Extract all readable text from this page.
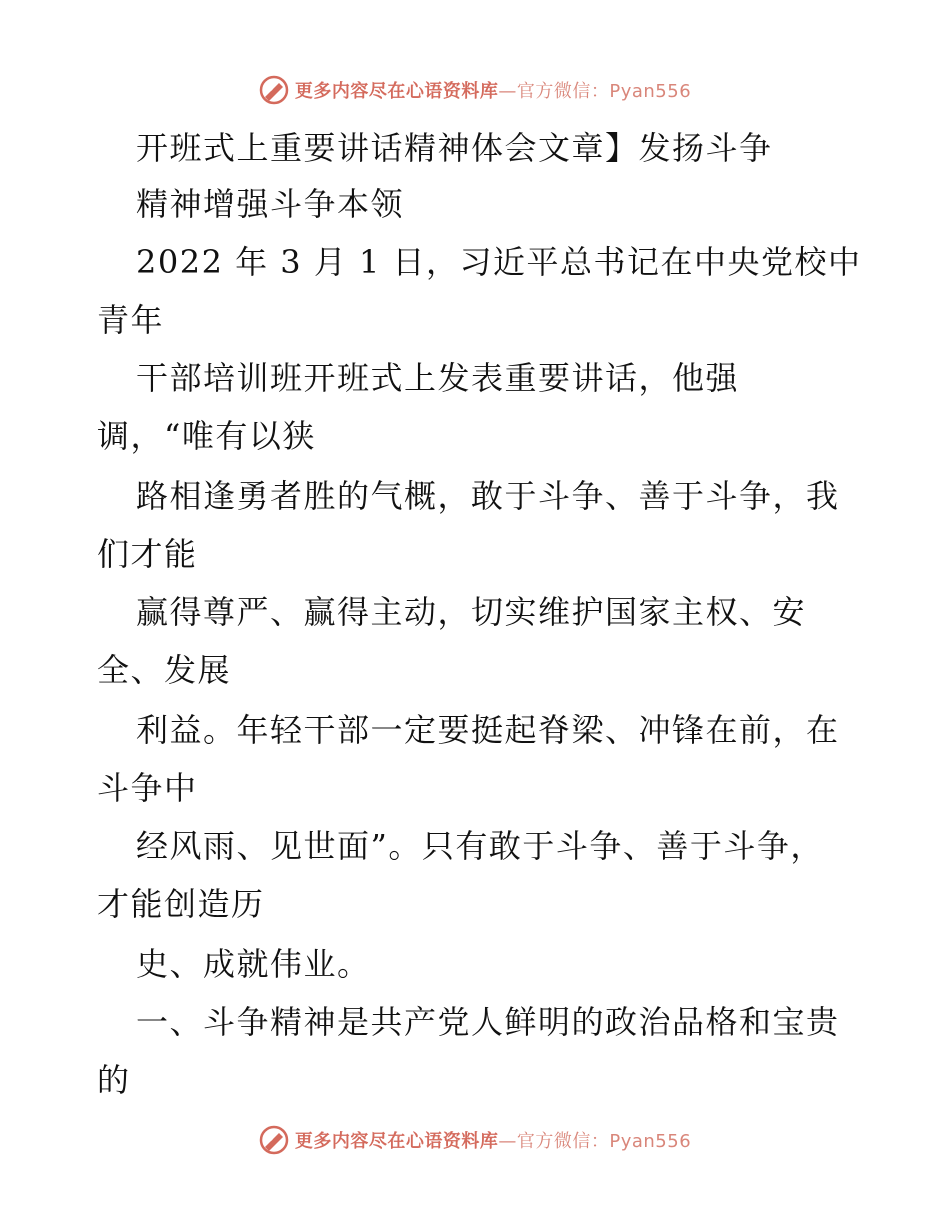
更多内容尽在心语资料库—官方微信：Pyan556
开班式上重要讲话精神体会文章】发扬斗争
精神增强斗争本领
2022 年 3 月 1 日，习近平总书记在中央党校中
青年
干部培训班开班式上发表重要讲话，他强
调，“唯有以狭
路相逢勇者胜的气概，敢于斗争、善于斗争，我
们才能
赢得尊严、赢得主动，切实维护国家主权、安
全、发展
利益。年轻干部一定要挺起脊梁、冲锋在前，在
斗争中
经风雨、见世面”。只有敢于斗争、善于斗争，
才能创造历
史、成就伟业。
一、斗争精神是共产党人鲜明的政治品格和宝贵
的
更多内容尽在心语资料库—官方微信：Pyan556
